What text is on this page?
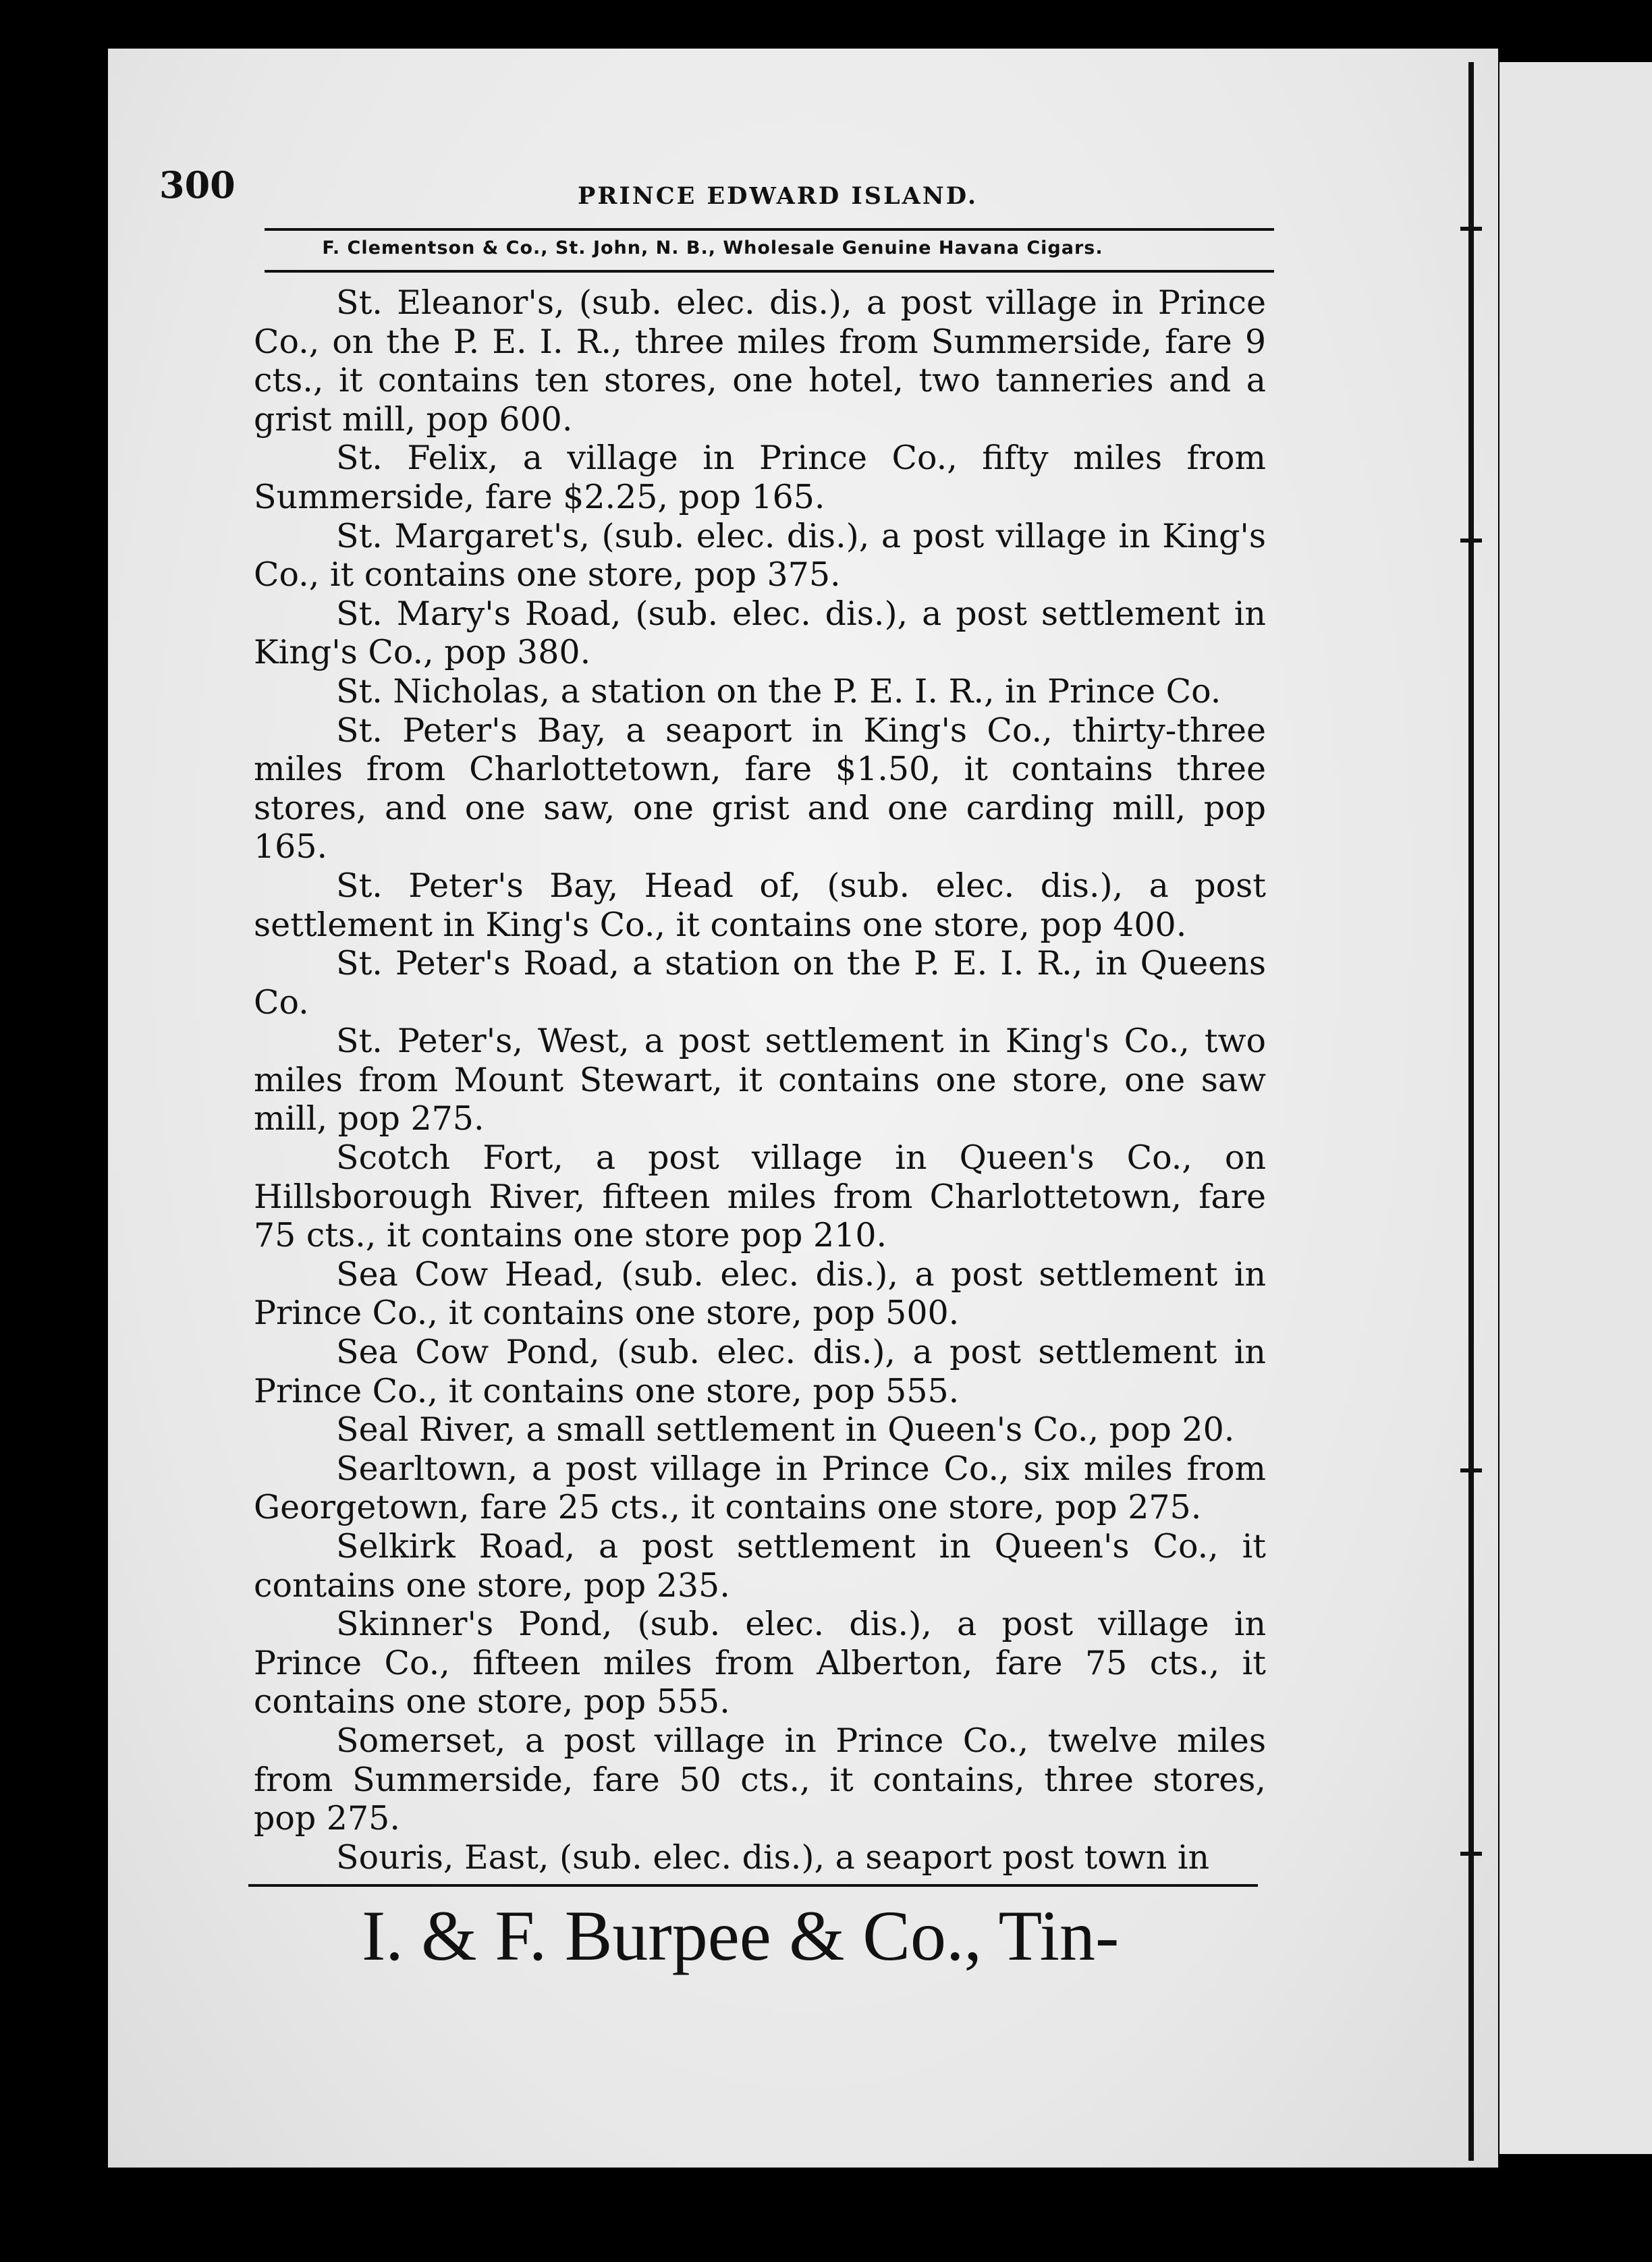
300	PRINCE EDWARD ISLAND.
F. Clementson & Co., St. John, N. B., Wholesale Genuine Havana Cigars.

St. Eleanor's, (sub. elec. dis.), a post village in Prince Co., on the P. E. I. R., three miles from Summerside, fare 9 cts., it contains ten stores, one hotel, two tanneries and a grist mill, pop 600.

St. Felix, a village in Prince Co., fifty miles from Summerside, fare $2.25, pop 165.

St. Margaret's, (sub. elec. dis.), a post village in King's Co., it contains one store, pop 375.

St. Mary's Road, (sub. elec. dis.), a post settlement in King's Co., pop 380.

St. Nicholas, a station on the P. E. I. R., in Prince Co.

St. Peter's Bay, a seaport in King's Co., thirty-three miles from Charlottetown, fare $1.50, it contains three stores, and one saw, one grist and one carding mill, pop 165.

St. Peter's Bay, Head of, (sub. elec. dis.), a post settlement in King's Co., it contains one store, pop 400.

St. Peter's Road, a station on the P. E. I. R., in Queens Co.

St. Peter's, West, a post settlement in King's Co., two miles from Mount Stewart, it contains one store, one saw mill, pop 275.

Scotch Fort, a post village in Queen's Co., on Hillsborough River, fifteen miles from Charlottetown, fare 75 cts., it contains one store pop 210.

Sea Cow Head, (sub. elec. dis.), a post settlement in Prince Co., it contains one store, pop 500.

Sea Cow Pond, (sub. elec. dis.), a post settlement in Prince Co., it contains one store, pop 555.

Seal River, a small settlement in Queen's Co., pop 20.

Searltown, a post village in Prince Co., six miles from Georgetown, fare 25 cts., it contains one store, pop 275.

Selkirk Road, a post settlement in Queen's Co., it contains one store, pop 235.

Skinner's Pond, (sub. elec. dis.), a post village in Prince Co., fifteen miles from Alberton, fare 75 cts., it contains one store, pop 555.

Somerset, a post village in Prince Co., twelve miles from Summerside, fare 50 cts., it contains, three stores, pop 275.

Souris, East, (sub. elec. dis.), a seaport post town in

I. & F. Burpee & Co., Tin-
